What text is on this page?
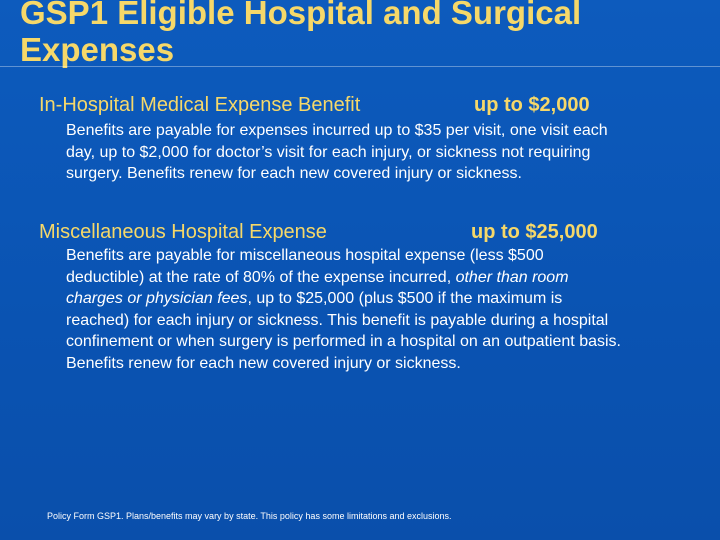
GSP1 Eligible Hospital and Surgical Expenses
In-Hospital Medical Expense Benefit	up to $2,000

Benefits are payable for expenses incurred up to $35 per visit, one visit each day, up to $2,000 for doctor’s visit for each injury, or sickness not requiring surgery. Benefits renew for each new covered injury or sickness.

Miscellaneous Hospital Expense	up to $25,000

Benefits are payable for miscellaneous hospital expense (less $500 deductible) at the rate of 80% of the expense incurred, other than room charges or physician fees, up to $25,000 (plus $500 if the maximum is reached) for each injury or sickness. This benefit is payable during a hospital confinement or when surgery is performed in a hospital on an outpatient basis. Benefits renew for each new covered injury or sickness.

Policy Form GSP1. Plans/benefits may vary by state. This policy has some limitations and exclusions.
